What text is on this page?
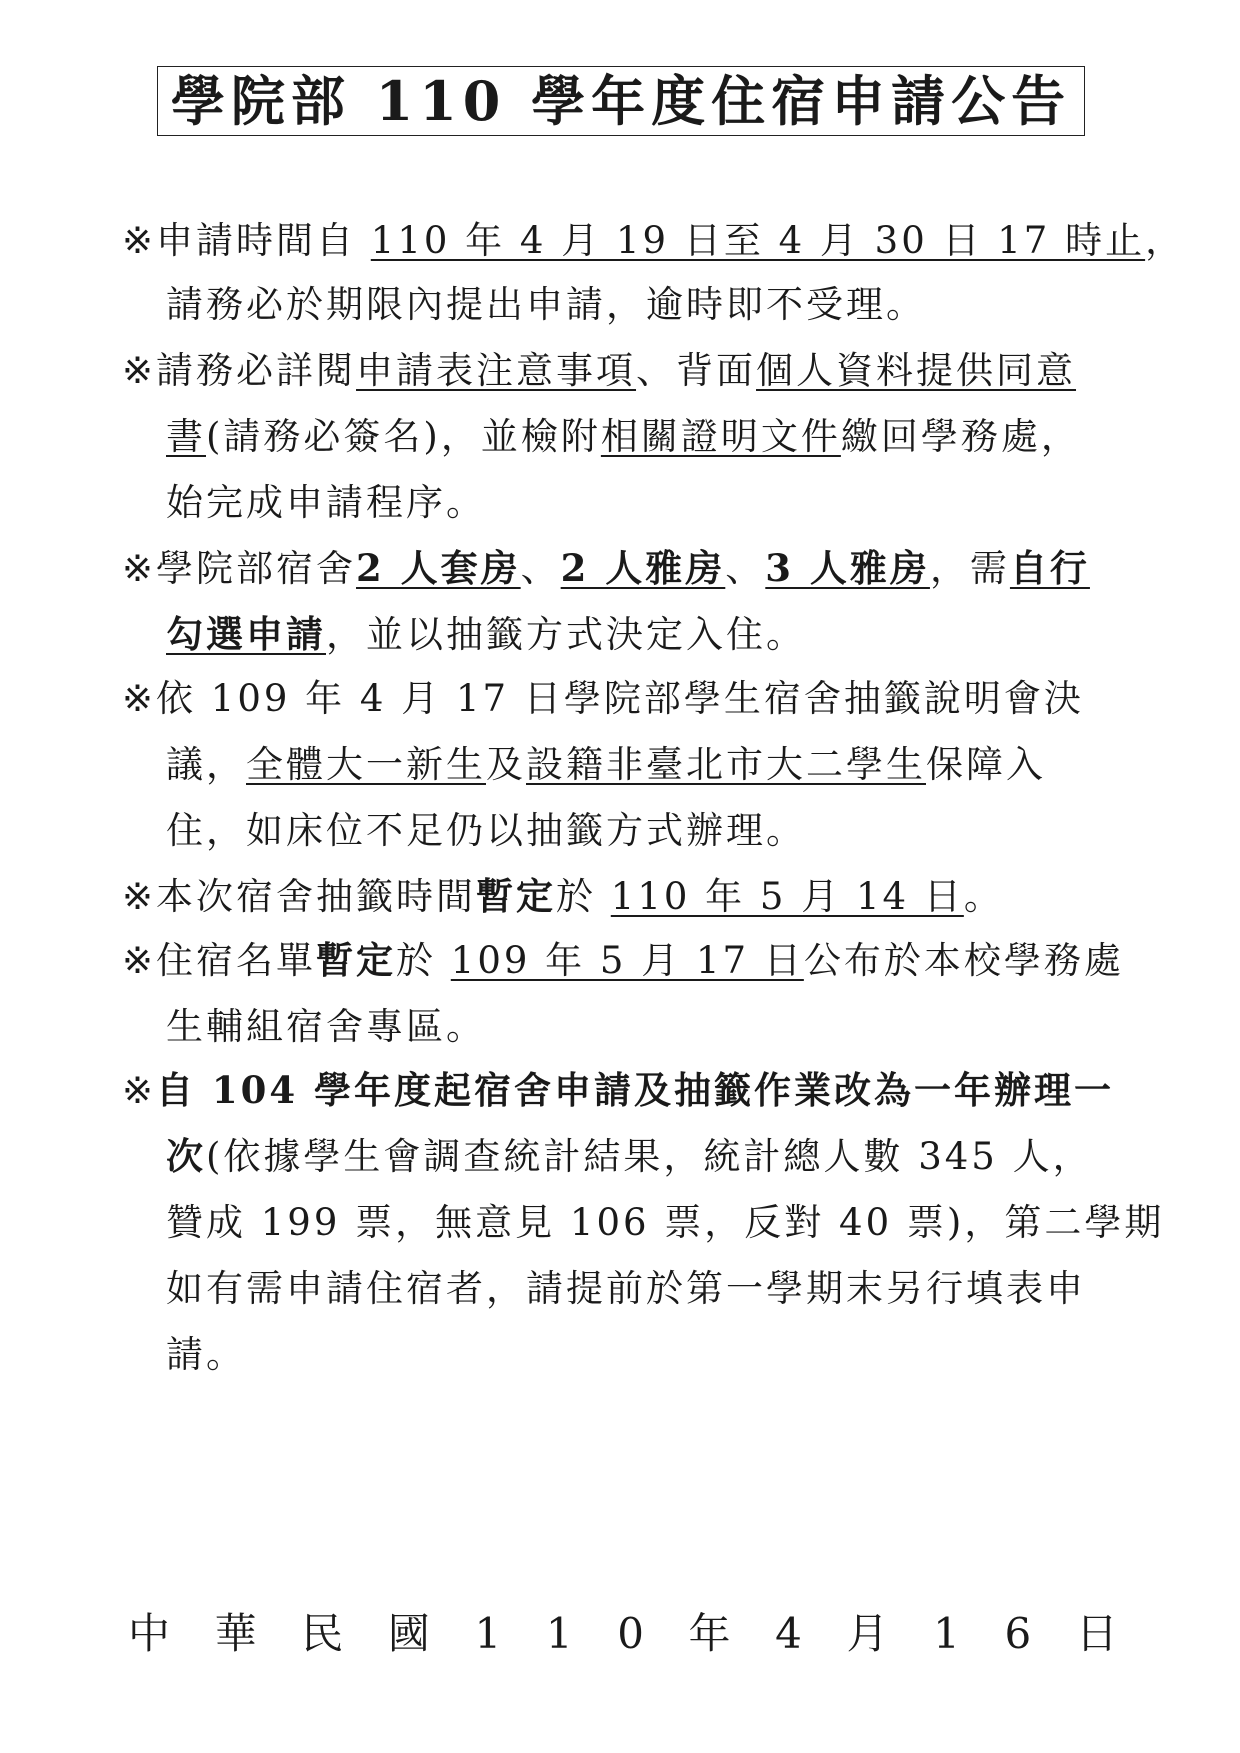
學院部 110 學年度住宿申請公告
※申請時間自 110 年 4 月 19 日至 4 月 30 日 17 時止，
請務必於期限內提出申請，逾時即不受理。
※請務必詳閱申請表注意事項、背面個人資料提供同意
書(請務必簽名)，並檢附相關證明文件繳回學務處，
始完成申請程序。
※學院部宿舍2 人套房、2 人雅房、3 人雅房，需自行
勾選申請，並以抽籤方式決定入住。
※依 109 年 4 月 17 日學院部學生宿舍抽籤說明會決
議，全體大一新生及設籍非臺北市大二學生保障入
住，如床位不足仍以抽籤方式辦理。
※本次宿舍抽籤時間暫定於 110 年 5 月 14 日。
※住宿名單暫定於 109 年 5 月 17 日公布於本校學務處
生輔組宿舍專區。
※自 104 學年度起宿舍申請及抽籤作業改為一年辦理一
次(依據學生會調查統計結果，統計總人數 345 人，
贊成 199 票，無意見 106 票，反對 40 票)，第二學期
如有需申請住宿者，請提前於第一學期末另行填表申
請。
中 華 民 國 1 1 0 年 4 月 1 6 日
